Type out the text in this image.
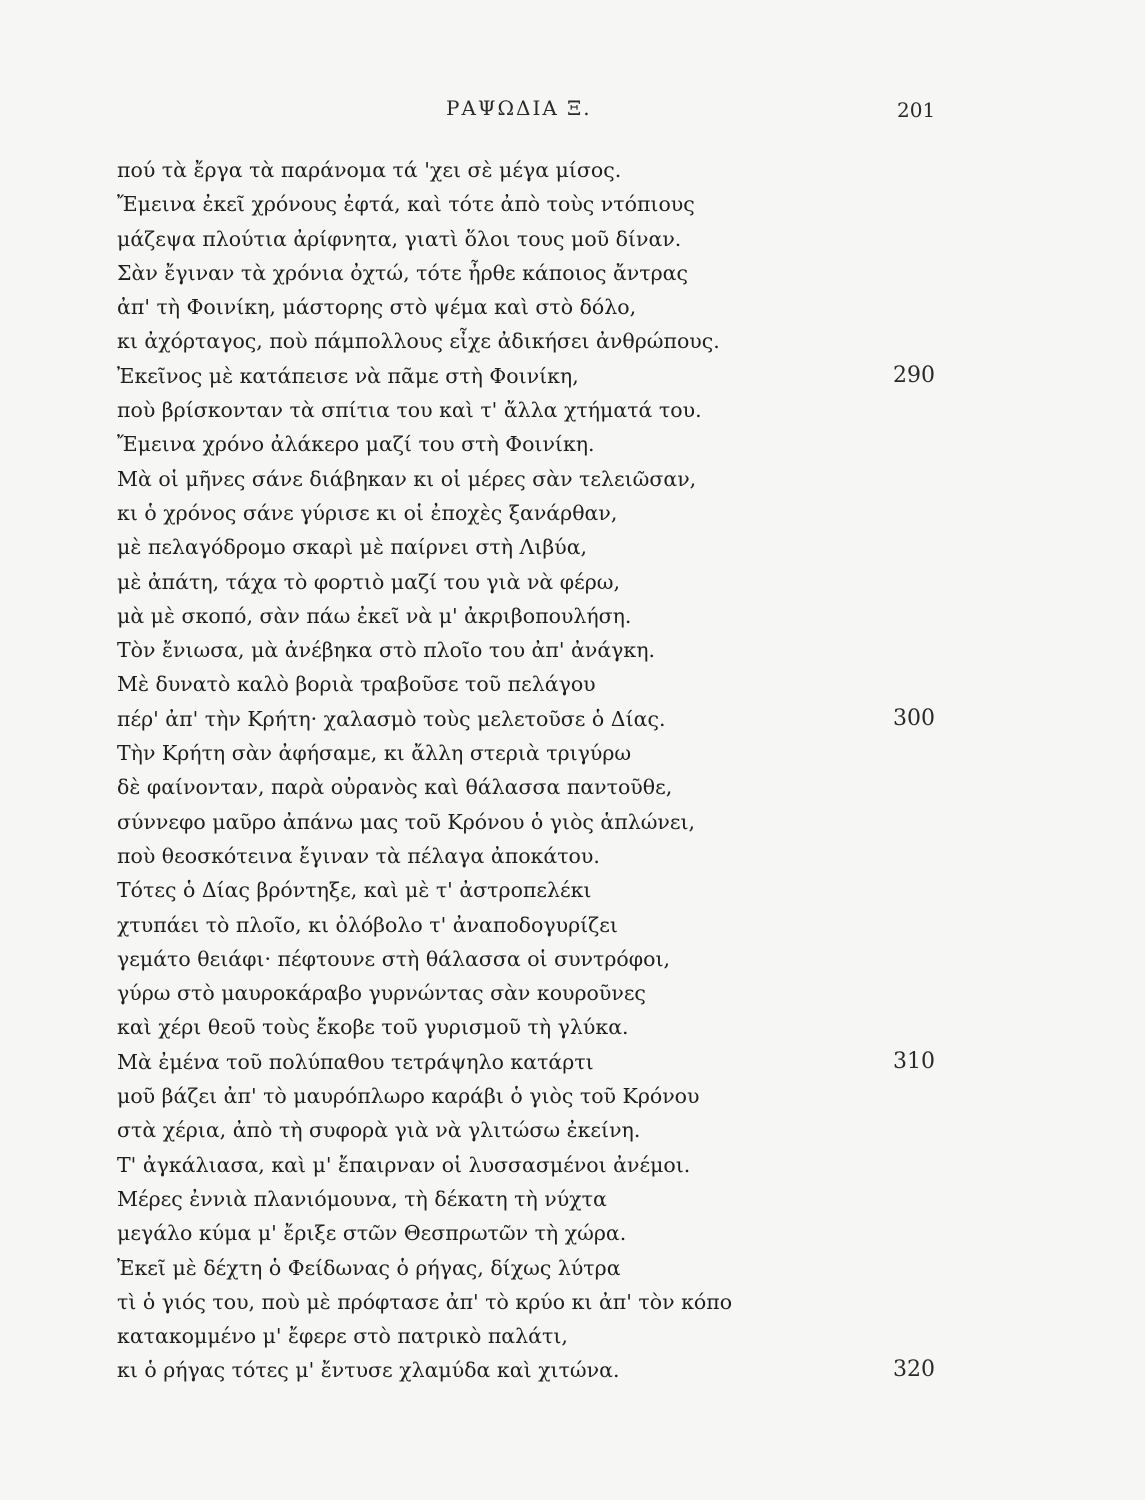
ΡΑΨΩΔΙΑ Ξ.	201
πού τὰ ἔργα τὰ παράνομα τά 'χει σὲ μέγα μίσος.
Ἔμεινα ἐκεῖ χρόνους ἐφτά, καὶ τότε ἀπὸ τοὺς ντόπιους
μάζεψα πλούτια ἀρίφνητα, γιατὶ ὅλοι τους μοῦ δίναν.
Σὰν ἔγιναν τὰ χρόνια ὀχτώ, τότε ἦρθε κάποιος ἄντρας
ἀπ' τὴ Φοινίκη, μάστορης στὸ ψέμα καὶ στὸ δόλο,
κι ἀχόρταγος, ποὺ πάμπολλους εἶχε ἀδικήσει ἀνθρώπους.
Ἐκεῖνος μὲ κατάπεισε νὰ πᾶμε στὴ Φοινίκη,	290
ποὺ βρίσκονταν τὰ σπίτια του καὶ τ' ἄλλα χτήματά του.
Ἔμεινα χρόνο ἀλάκερο μαζί του στὴ Φοινίκη.
Μὰ οἱ μῆνες σάνε διάβηκαν κι οἱ μέρες σὰν τελειῶσαν,
κι ὁ χρόνος σάνε γύρισε κι οἱ ἐποχὲς ξανάρθαν,
μὲ πελαγόδρομο σκαρὶ μὲ παίρνει στὴ Λιβύα,
μὲ ἀπάτη, τάχα τὸ φορτιὸ μαζί του γιὰ νὰ φέρω,
μὰ μὲ σκοπό, σὰν πάω ἐκεῖ νὰ μ' ἀκριβοπουλήση.
Τὸν ἔνιωσα, μὰ ἀνέβηκα στὸ πλοῖο του ἀπ' ἀνάγκη.
Μὲ δυνατὸ καλὸ βοριὰ τραβοῦσε τοῦ πελάγου
πέρ' ἀπ' τὴν Κρήτη· χαλασμὸ τοὺς μελετοῦσε ὁ Δίας.	300
Τὴν Κρήτη σὰν ἀφήσαμε, κι ἄλλη στεριὰ τριγύρω
δὲ φαίνονταν, παρὰ οὐρανὸς καὶ θάλασσα παντοῦθε,
σύννεφο μαῦρο ἀπάνω μας τοῦ Κρόνου ὁ γιὸς ἁπλώνει,
ποὺ θεοσκότεινα ἔγιναν τὰ πέλαγα ἀποκάτου.
Τότες ὁ Δίας βρόντηξε, καὶ μὲ τ' ἀστροπελέκι
χτυπάει τὸ πλοῖο, κι ὁλόβολο τ' ἀναποδογυρίζει
γεμάτο θειάφι· πέφτουνε στὴ θάλασσα οἱ συντρόφοι,
γύρω στὸ μαυροκάραβο γυρνώντας σὰν κουροῦνες
καὶ χέρι θεοῦ τοὺς ἔκοβε τοῦ γυρισμοῦ τὴ γλύκα.
Μὰ ἐμένα τοῦ πολύπαθου τετράψηλο κατάρτι	310
μοῦ βάζει ἀπ' τὸ μαυρόπλωρο καράβι ὁ γιὸς τοῦ Κρόνου
στὰ χέρια, ἀπὸ τὴ συφορὰ γιὰ νὰ γλιτώσω ἐκείνη.
Τ' ἀγκάλιασα, καὶ μ' ἔπαιρναν οἱ λυσσασμένοι ἀνέμοι.
Μέρες ἐννιὰ πλανιόμουνα, τὴ δέκατη τὴ νύχτα
μεγάλο κύμα μ' ἔριξε στῶν Θεσπρωτῶν τὴ χώρα.
Ἐκεῖ μὲ δέχτη ὁ Φείδωνας ὁ ρήγας, δίχως λύτρα
τὶ ὁ γιός του, ποὺ μὲ πρόφτασε ἀπ' τὸ κρύο κι ἀπ' τὸν κόπο
κατακομμένο μ' ἔφερε στὸ πατρικὸ παλάτι,
κι ὁ ρήγας τότες μ' ἔντυσε χλαμύδα καὶ χιτώνα.	320
